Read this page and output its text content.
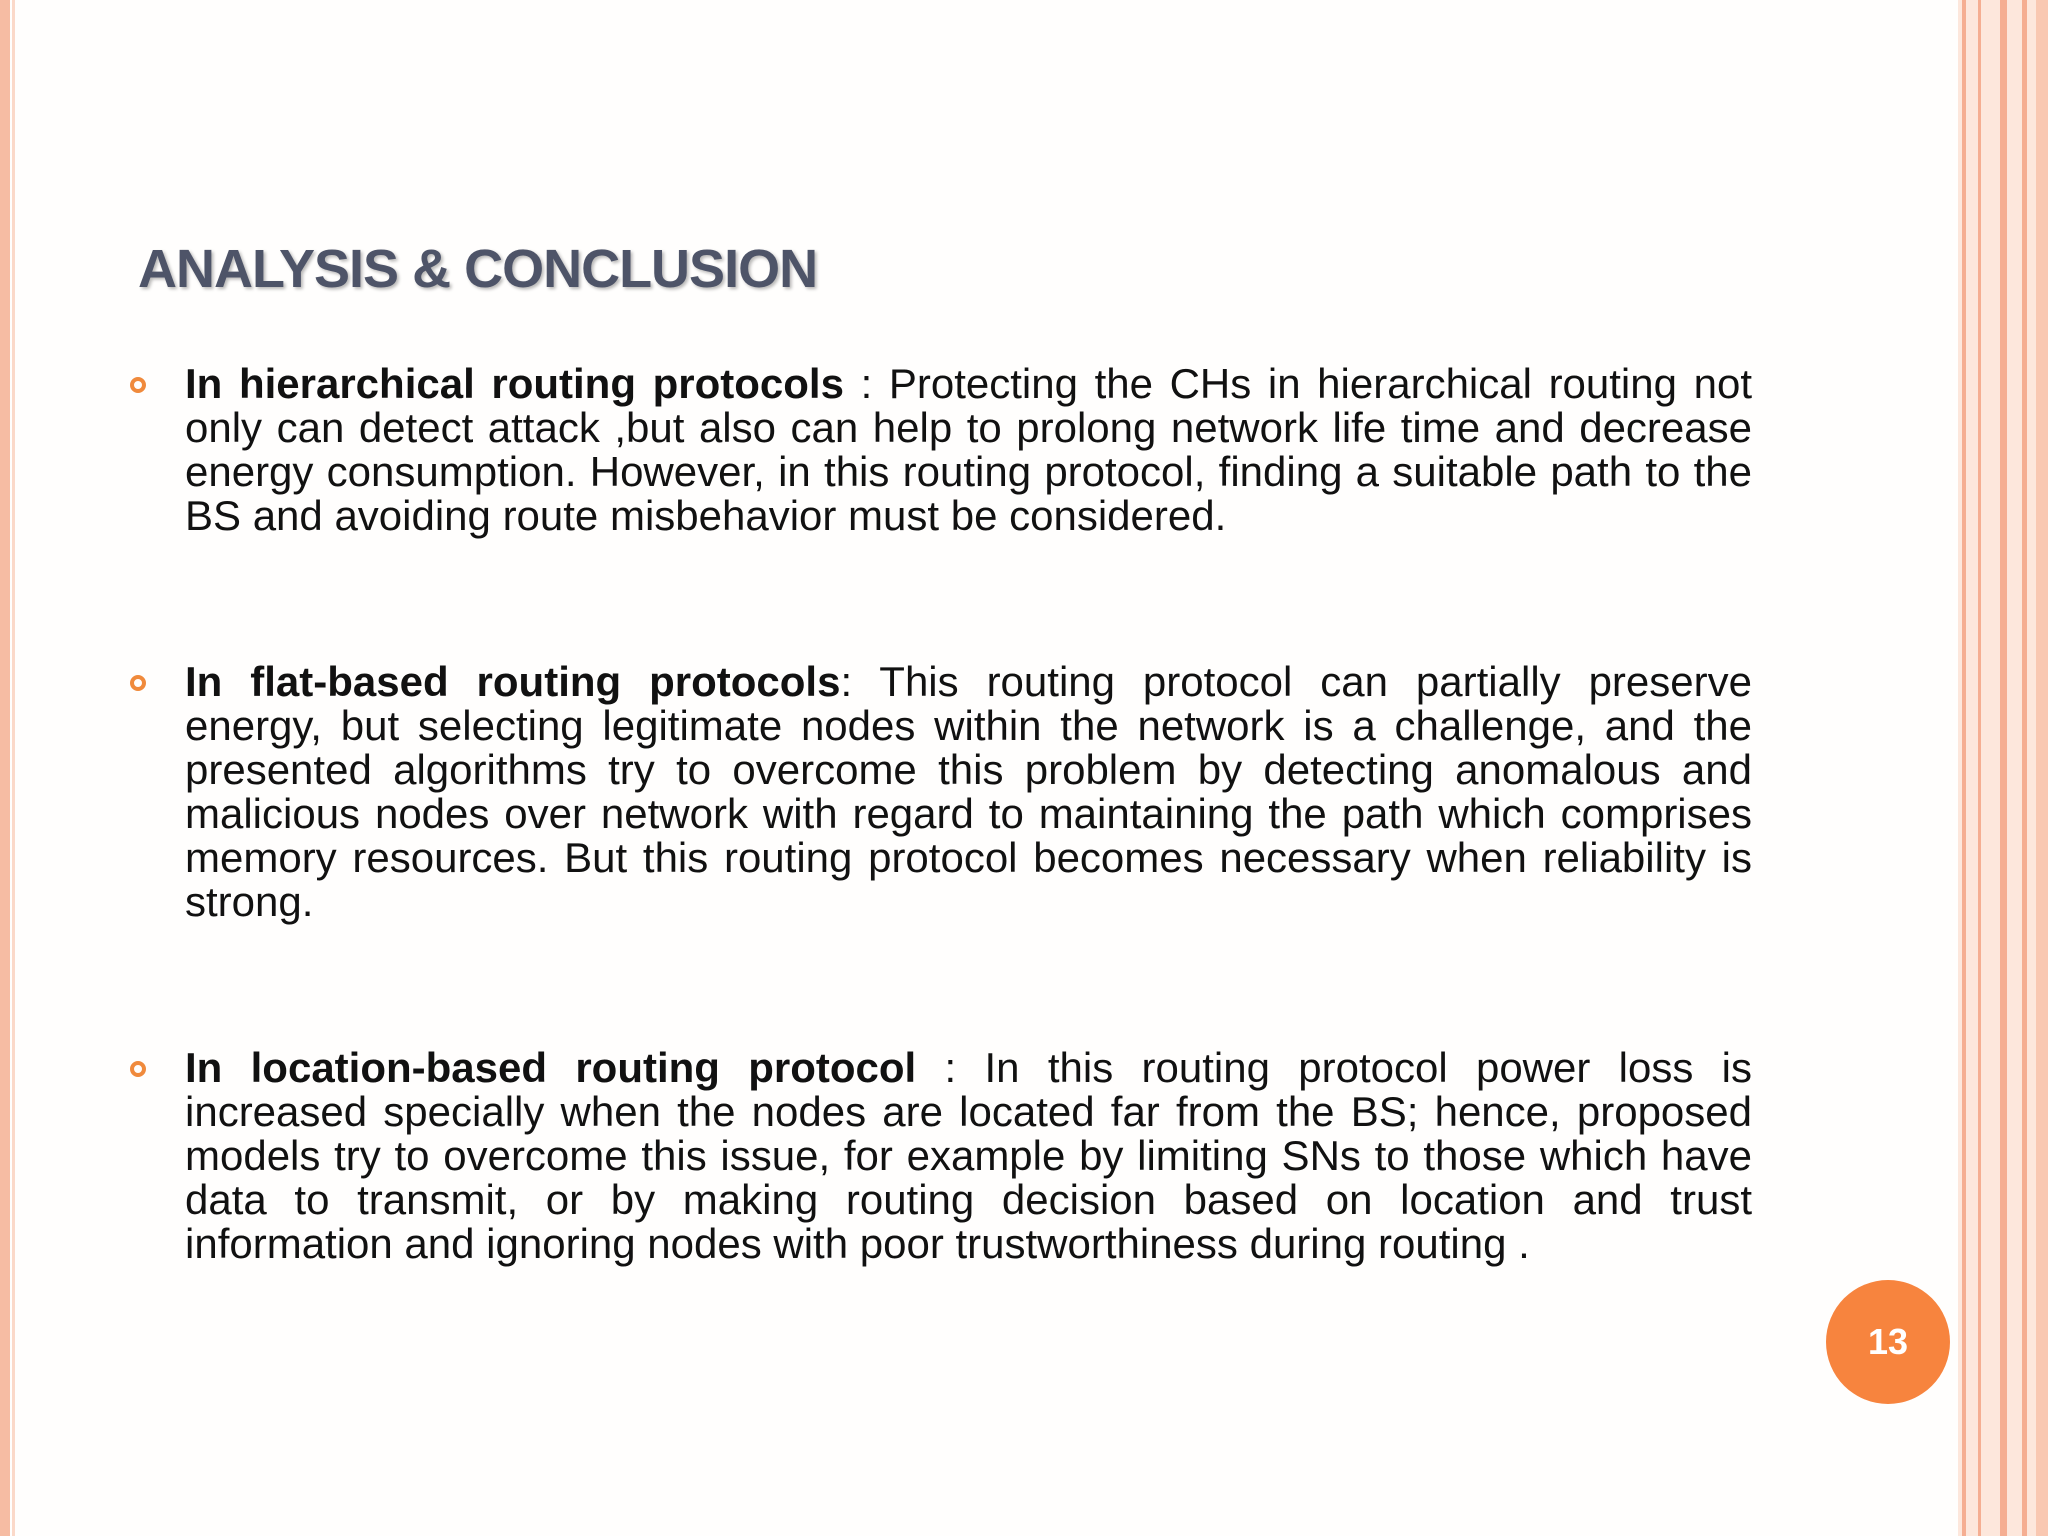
ANALYSIS & CONCLUSION

In hierarchical routing protocols : Protecting the CHs in hierarchical routing not only can detect attack ,but also can help to prolong network life time and decrease energy consumption. However, in this routing protocol, finding a suitable path to the BS and avoiding route misbehavior must be considered.

In flat-based routing protocols: This routing protocol can partially preserve energy, but selecting legitimate nodes within the network is a challenge, and the presented algorithms try to overcome this problem by detecting anomalous and malicious nodes over network with regard to maintaining the path which comprises memory resources. But this routing protocol becomes necessary when reliability is strong.

In location-based routing protocol : In this routing protocol power loss is increased specially when the nodes are located far from the BS; hence, proposed models try to overcome this issue, for example by limiting SNs to those which have data to transmit, or by making routing decision based on location and trust information and ignoring nodes with poor trustworthiness during routing .

13
